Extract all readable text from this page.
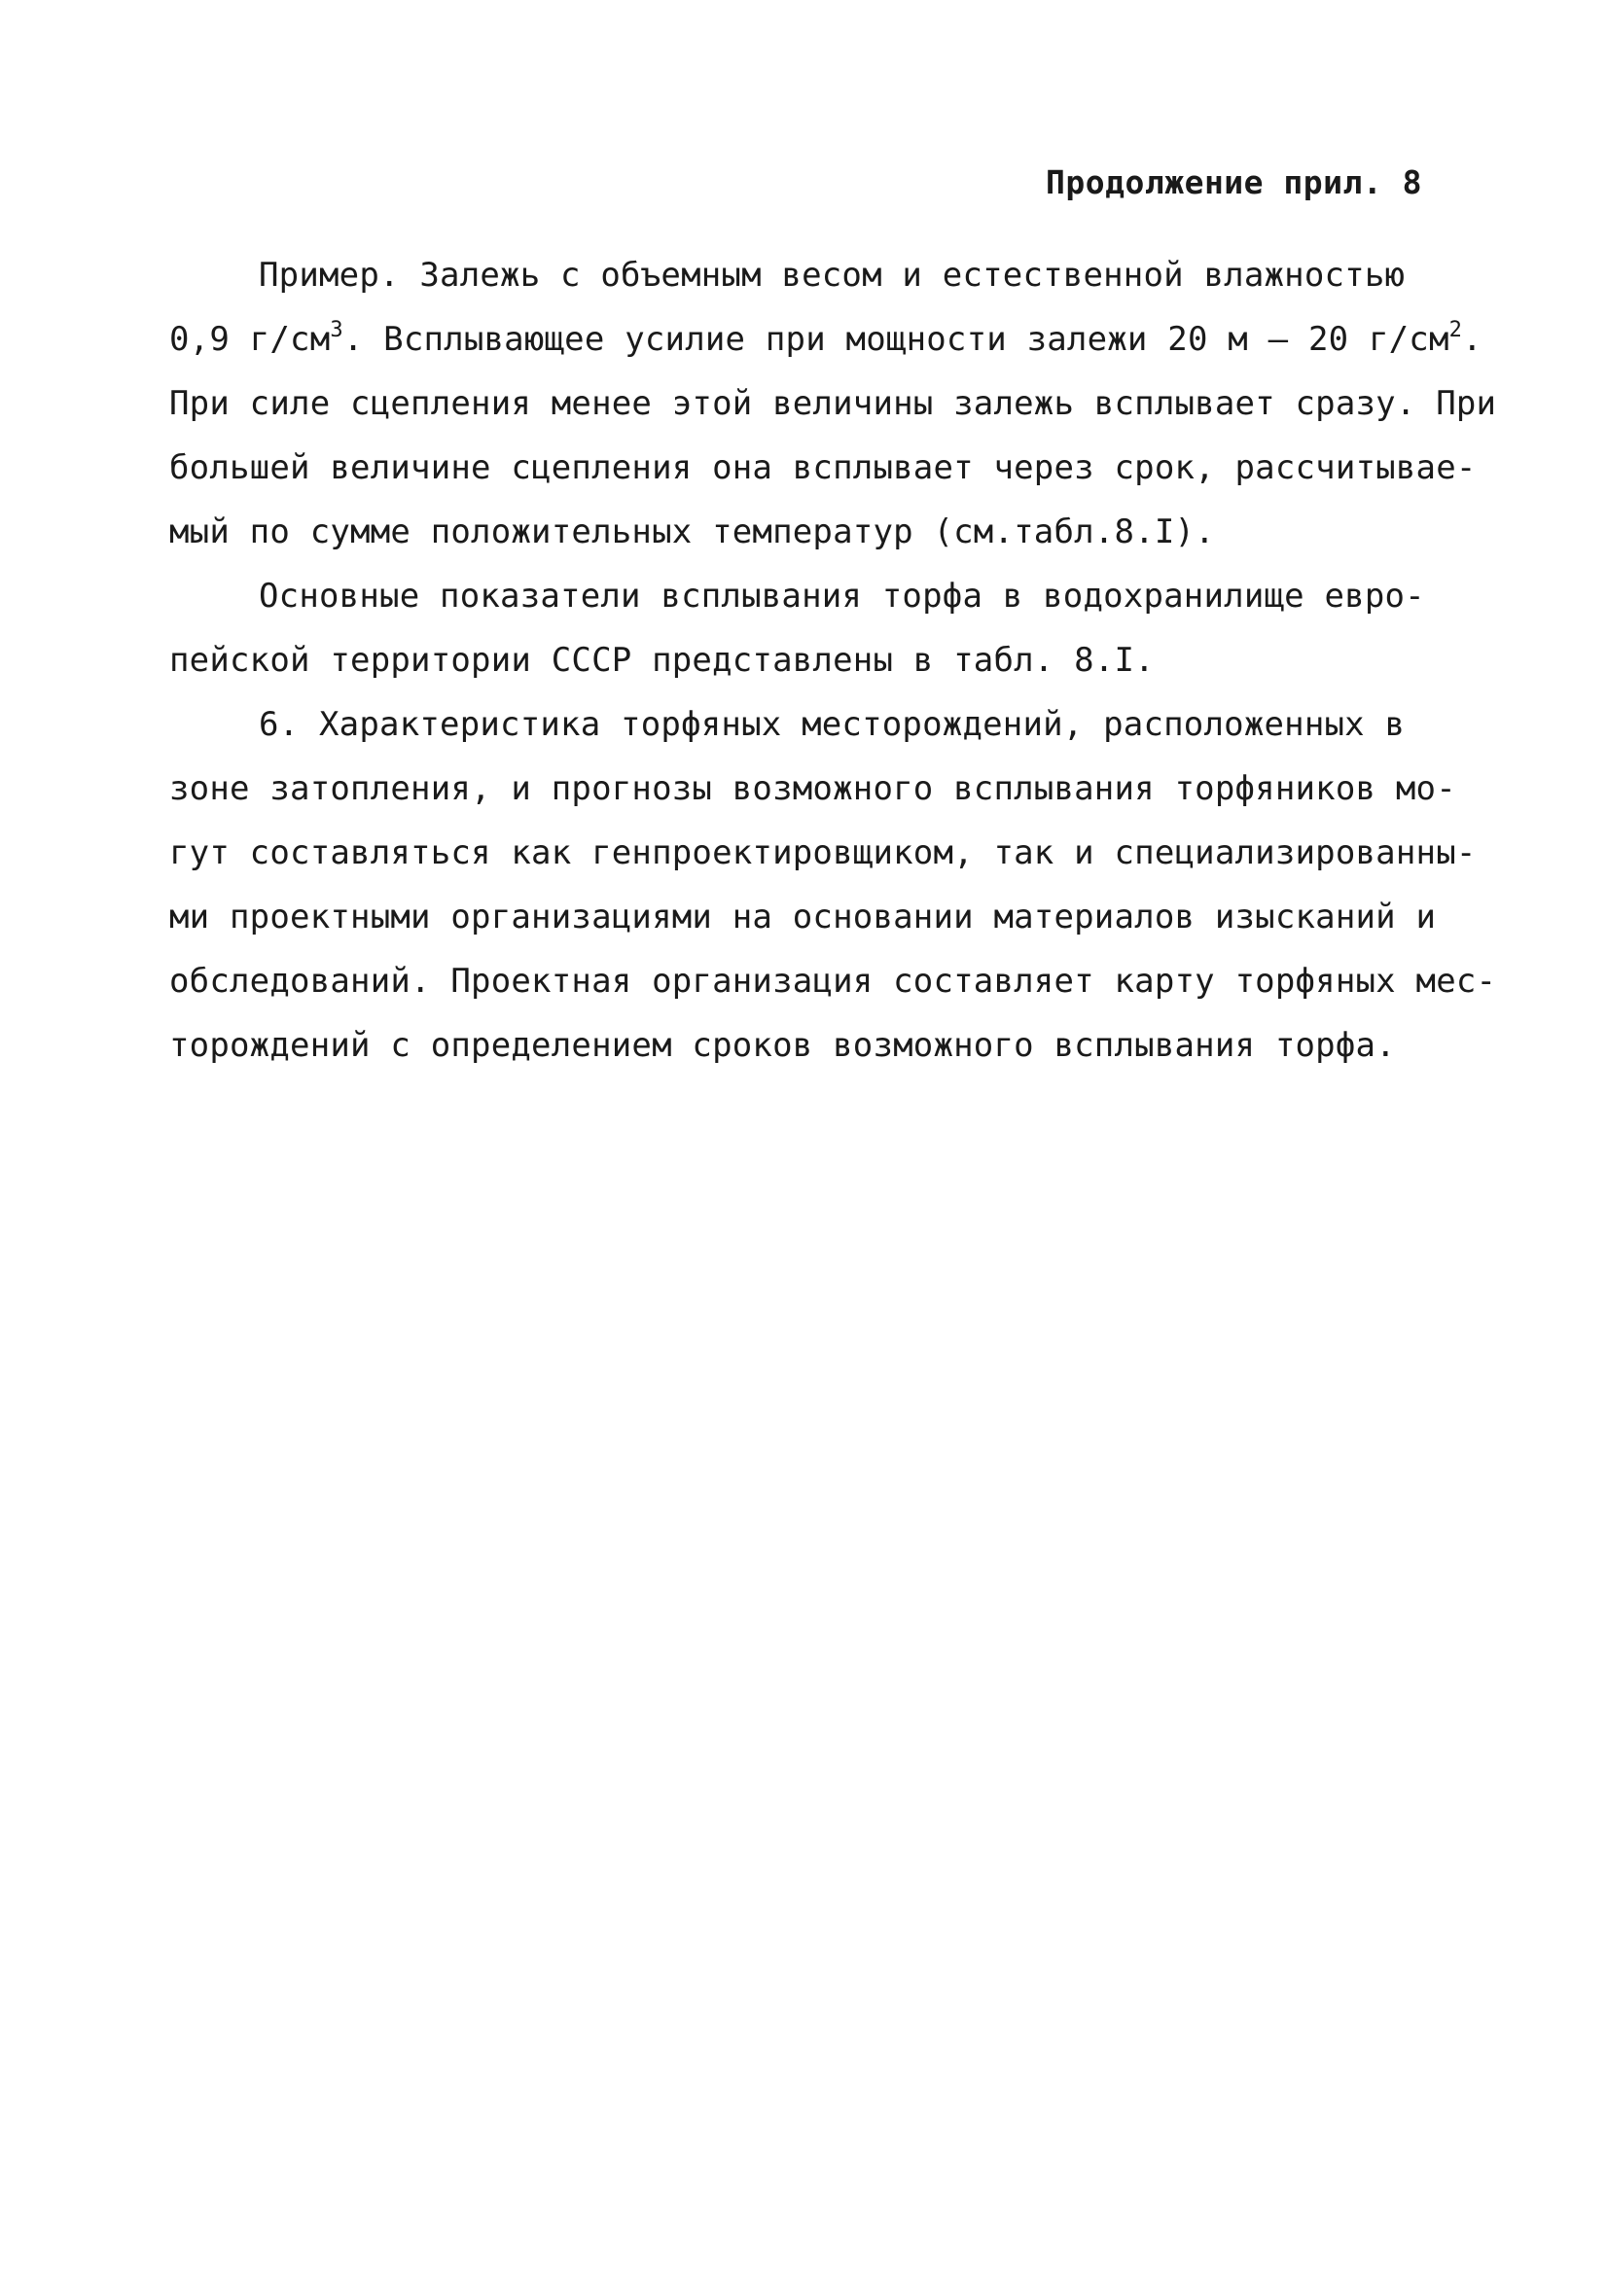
Продолжение прил. 8
Пример. Залежь с объемным весом и естественной влажностью
0,9 $г/см^3$. Всплывающее усилие при мощности залежи 20 м – 20 $г/см^2$.
При силе сцепления менее этой величины залежь всплывает сразу. При
большей величине сцепления она всплывает через срок, рассчитывае-
мый по сумме положительных температур (см.табл.8.I).
Основные показатели всплывания торфа в водохранилище евро-
пейской территории СССР представлены в табл. 8.I.
6. Характеристика торфяных месторождений, расположенных в
зоне затопления, и прогнозы возможного всплывания торфяников мо-
гут составляться как генпроектировщиком, так и специализированны-
ми проектными организациями на основании материалов изысканий и
обследований. Проектная организация составляет карту торфяных мес-
торождений с определением сроков возможного всплывания торфа.
